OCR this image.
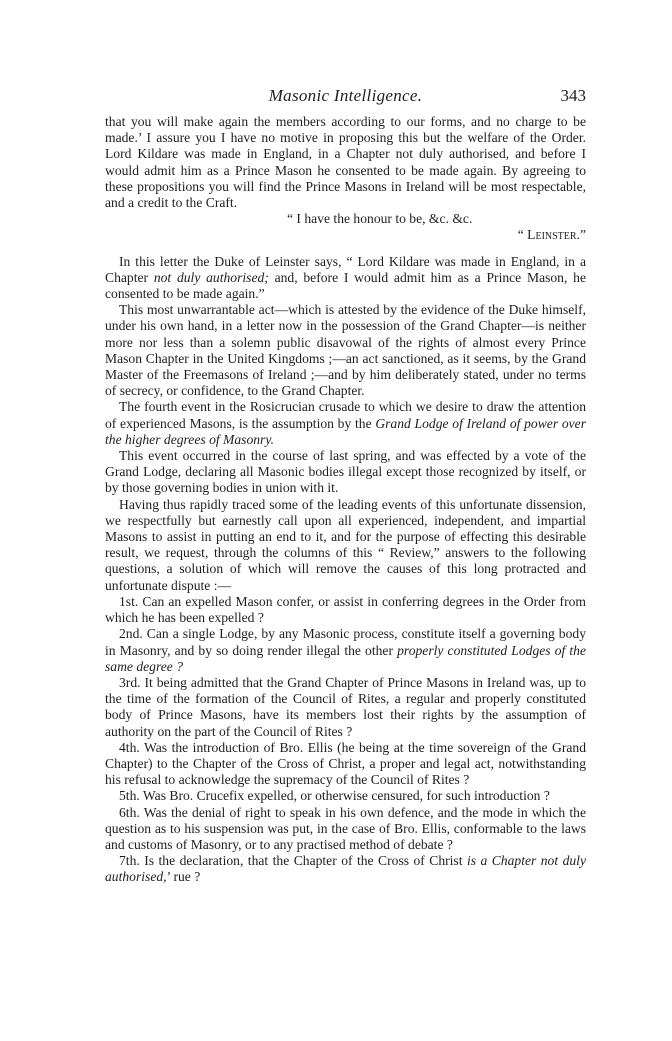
Masonic Intelligence.	343

that you will make again the members according to our forms, and no charge to be made.’ I assure you I have no motive in proposing this but the welfare of the Order. Lord Kildare was made in England, in a Chapter not duly authorised, and before I would admit him as a Prince Mason he consented to be made again. By agreeing to these propositions you will find the Prince Masons in Ireland will be most respectable, and a credit to the Craft.

“ I have the honour to be, &c. &c.

“ Leinster.”

In this letter the Duke of Leinster says, “ Lord Kildare was made in England, in a Chapter not duly authorised; and, before I would admit him as a Prince Mason, he consented to be made again.”

This most unwarrantable act—which is attested by the evidence of the Duke himself, under his own hand, in a letter now in the possession of the Grand Chapter—is neither more nor less than a solemn public disavowal of the rights of almost every Prince Mason Chapter in the United Kingdoms ;—an act sanctioned, as it seems, by the Grand Master of the Freemasons of Ireland ;—and by him deliberately stated, under no terms of secrecy, or confidence, to the Grand Chapter.

The fourth event in the Rosicrucian crusade to which we desire to draw the attention of experienced Masons, is the assumption by the Grand Lodge of Ireland of power over the higher degrees of Masonry.

This event occurred in the course of last spring, and was effected by a vote of the Grand Lodge, declaring all Masonic bodies illegal except those recognized by itself, or by those governing bodies in union with it.

Having thus rapidly traced some of the leading events of this unfortunate dissension, we respectfully but earnestly call upon all experienced, independent, and impartial Masons to assist in putting an end to it, and for the purpose of effecting this desirable result, we request, through the columns of this “ Review,” answers to the following questions, a solution of which will remove the causes of this long protracted and unfortunate dispute :—

1st. Can an expelled Mason confer, or assist in conferring degrees in the Order from which he has been expelled ?

2nd. Can a single Lodge, by any Masonic process, constitute itself a governing body in Masonry, and by so doing render illegal the other properly constituted Lodges of the same degree ?

3rd. It being admitted that the Grand Chapter of Prince Masons in Ireland was, up to the time of the formation of the Council of Rites, a regular and properly constituted body of Prince Masons, have its members lost their rights by the assumption of authority on the part of the Council of Rites ?

4th. Was the introduction of Bro. Ellis (he being at the time sovereign of the Grand Chapter) to the Chapter of the Cross of Christ, a proper and legal act, notwithstanding his refusal to acknowledge the supremacy of the Council of Rites ?

5th. Was Bro. Crucefix expelled, or otherwise censured, for such introduction ?

6th. Was the denial of right to speak in his own defence, and the mode in which the question as to his suspension was put, in the case of Bro. Ellis, conformable to the laws and customs of Masonry, or to any practised method of debate ?

7th. Is the declaration, that the Chapter of the Cross of Christ is a Chapter not duly authorised,’ rue ?
